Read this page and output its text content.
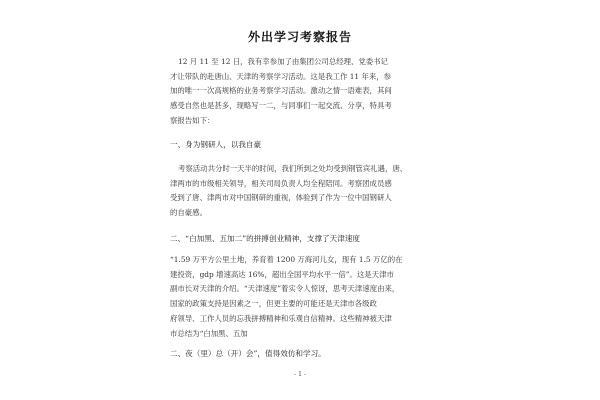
外出学习考察报告
12 月 11 至 12 日，我有幸参加了由集团公司总经理、党委书记
才让带队的赴唐山、天津的考察学习活动。这是我工作 11 年来，参
加的唯一一次高规格的业务考察学习活动。激动之情一语难表，其间
感受自然也是甚多，现略写一二，与同事们一起交流、分享，特具考
察报告如下：
一、身为钢研人，以我自豪
考察活动共分时一天半的时间，我们所到之处均受到钢管宾礼遇，唐、
津两市的市级相关领导，相关司局负责人均全程陪同。考察团成员感
受到了唐、津两市对中国钢研的重视，体验到了作为一位中国钢研人
的自豪感。
二、“白加黑、五加二”的拼搏创业精神，支撑了天津速度
“1.59 万平方公里土地，养育着 1200 万海河儿女，现有 1.5 万亿的在
建投资，gdp 增速高达 16%，超出全国平均水平一倍”。这是天津市
副市长对天津的介绍。“天津速度”着实令人惊讶，思考天津速度由来，
国家的政策支持是因素之一，但更主要的可能还是天津市各级政
府领导、工作人员的忘我拼搏精神和乐观自信精神。这些精神被天津
市总结为“白加黑、五加
二、夜（里）总（开）会”，值得效仿和学习。
- 1 -
